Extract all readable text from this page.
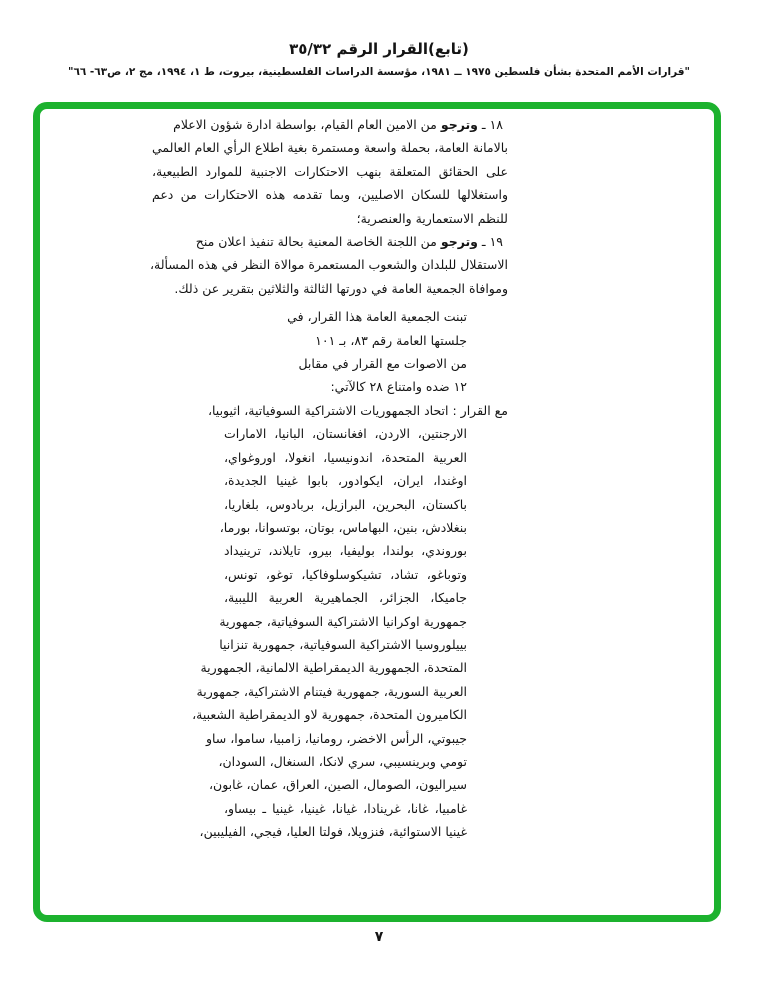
(تابع)القرار الرقم ٣٥/٣٢
"قرارات الأمم المتحدة بشأن فلسطين ١٩٧٥ ــ ١٩٨١، مؤسسة الدراسات الفلسطينية، بيروت، ط ١، ١٩٩٤، مج ٢، ص٦٣- ٦٦"
١٨ ـ وترجو من الامين العام القيام، بواسطة ادارة شؤون الاعلام
بالامانة العامة، بحملة واسعة ومستمرة بغية اطلاع الرأي العام العالمي
على الحقائق المتعلقة بنهب الاحتكارات الاجنبية للموارد الطبيعية،
واستغلالها للسكان الاصليين، وبما تقدمه هذه الاحتكارات من دعم
للنظم الاستعمارية والعنصرية؛
١٩ ـ وترجو من اللجنة الخاصة المعنية بحالة تنفيذ اعلان منح
الاستقلال للبلدان والشعوب المستعمرة موالاة النظر في هذه المسألة،
وموافاة الجمعية العامة في دورتها الثالثة والثلاثين بتقرير عن ذلك.
تبنت الجمعية العامة هذا القرار، في
جلستها العامة رقم ٨٣، بـ ١٠١
من الاصوات مع القرار في مقابل
١٢ ضده وامتناع ٢٨ كالآتي:
مع القرار : اتحاد الجمهوريات الاشتراكية السوفياتية، اثيوبيا،
الارجنتين، الاردن، افغانستان، البانيا، الامارات
العربية المتحدة، اندونيسيا، انغولا، اوروغواي،
اوغندا، ايران، ايكوادور، بابوا غينيا الجديدة،
باكستان، البحرين، البرازيل، بربادوس، بلغاريا،
بنغلادش، بنين، البهاماس، بوتان، بوتسوانا، بورما،
بوروندي، بولندا، بوليفيا، بيرو، تايلاند، ترينيداد
وتوباغو، تشاد، تشيكوسلوفاكيا، توغو، تونس،
جاميكا، الجزائر، الجماهيرية العربية الليبية،
جمهورية اوكرانيا الاشتراكية السوفياتية، جمهورية
بييلوروسيا الاشتراكية السوفياتية، جمهورية تنزانيا
المتحدة، الجمهورية الديمقراطية الالمانية، الجمهورية
العربية السورية، جمهورية فيتنام الاشتراكية، جمهورية
الكاميرون المتحدة، جمهورية لاو الديمقراطية الشعبية،
جيبوتي، الرأس الاخضر، رومانيا، زامبيا، ساموا، ساو
تومي وبرينسيبي، سري لانكا، السنغال، السودان،
سيراليون، الصومال، الصين، العراق، عمان، غابون،
غامبيا، غانا، غرينادا، غيانا، غينيا، غينيا ـ بيساو،
غينيا الاستوائية، فنزويلا، فولتا العليا، فيجي، الفيليبين،
٧
